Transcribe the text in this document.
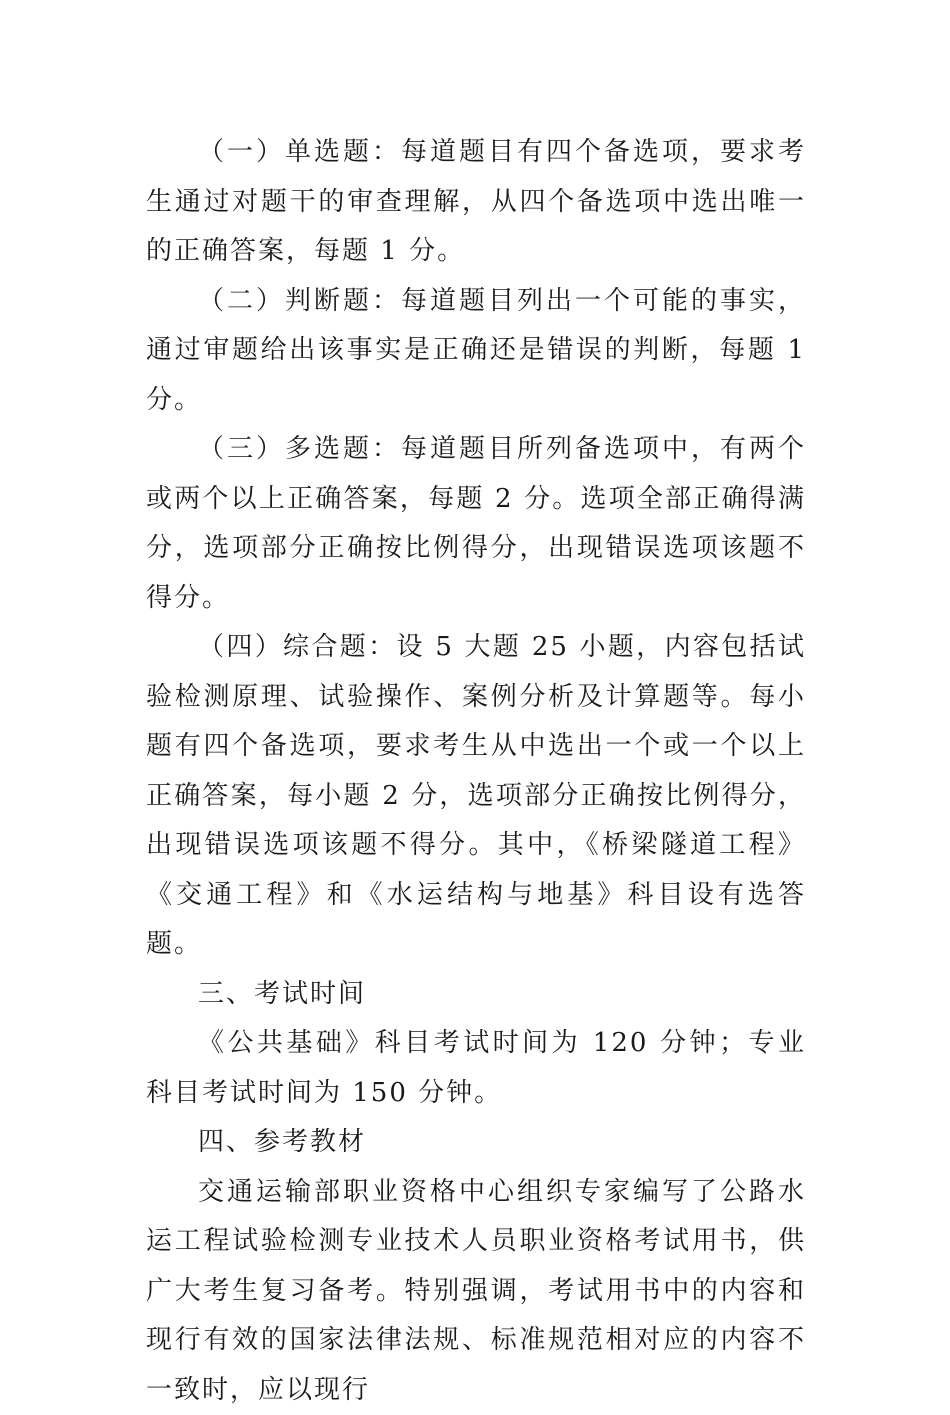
（一）单选题：每道题目有四个备选项，要求考生通过对题干的审查理解，从四个备选项中选出唯一的正确答案，每题 1 分。

（二）判断题：每道题目列出一个可能的事实，通过审题给出该事实是正确还是错误的判断，每题 1 分。

（三）多选题：每道题目所列备选项中，有两个或两个以上正确答案，每题 2 分。选项全部正确得满分，选项部分正确按比例得分，出现错误选项该题不得分。

（四）综合题：设 5 大题 25 小题，内容包括试验检测原理、试验操作、案例分析及计算题等。每小题有四个备选项，要求考生从中选出一个或一个以上正确答案，每小题 2 分，选项部分正确按比例得分，出现错误选项该题不得分。其中，《桥梁隧道工程》《交通工程》和《水运结构与地基》科目设有选答题。

三、考试时间

《公共基础》科目考试时间为 120 分钟；专业科目考试时间为 150 分钟。

四、参考教材

交通运输部职业资格中心组织专家编写了公路水运工程试验检测专业技术人员职业资格考试用书，供广大考生复习备考。特别强调，考试用书中的内容和现行有效的国家法律法规、标准规范相对应的内容不一致时，应以现行
